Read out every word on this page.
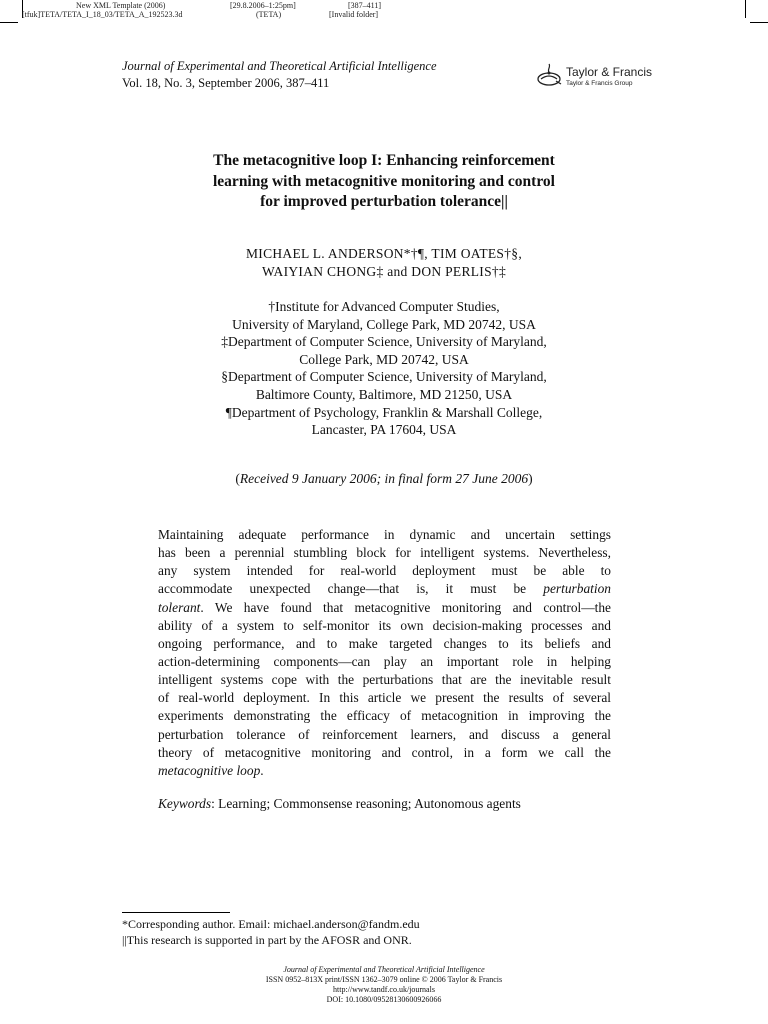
New XML Template (2006)
[tfuk]TETA/TETA_I_18_03/TETA_A_192523.3d
[29.8.2006–1:25pm]
(TETA)
[387–411]
[Invalid folder]
Journal of Experimental and Theoretical Artificial Intelligence
Vol. 18, No. 3, September 2006, 387–411
Taylor & Francis
Taylor & Francis Group
The metacognitive loop I: Enhancing reinforcement
learning with metacognitive monitoring and control
for improved perturbation tolerance||
MICHAEL L. ANDERSON*†¶, TIM OATES†§,
WAIYIAN CHONG‡ and DON PERLIS†‡
†Institute for Advanced Computer Studies,
University of Maryland, College Park, MD 20742, USA
‡Department of Computer Science, University of Maryland,
College Park, MD 20742, USA
§Department of Computer Science, University of Maryland,
Baltimore County, Baltimore, MD 21250, USA
¶Department of Psychology, Franklin & Marshall College,
Lancaster, PA 17604, USA
(Received 9 January 2006; in final form 27 June 2006)
Maintaining adequate performance in dynamic and uncertain settings
has been a perennial stumbling block for intelligent systems. Nevertheless,
any system intended for real-world deployment must be able to
accommodate unexpected change—that is, it must be perturbation
tolerant. We have found that metacognitive monitoring and control—the
ability of a system to self-monitor its own decision-making processes and
ongoing performance, and to make targeted changes to its beliefs and
action-determining components—can play an important role in helping
intelligent systems cope with the perturbations that are the inevitable result
of real-world deployment. In this article we present the results of several
experiments demonstrating the efficacy of metacognition in improving the
perturbation tolerance of reinforcement learners, and discuss a general
theory of metacognitive monitoring and control, in a form we call the
metacognitive loop.
Keywords: Learning; Commonsense reasoning; Autonomous agents
*Corresponding author. Email: michael.anderson@fandm.edu
||This research is supported in part by the AFOSR and ONR.
Journal of Experimental and Theoretical Artificial Intelligence
ISSN 0952–813X print/ISSN 1362–3079 online © 2006 Taylor & Francis
http://www.tandf.co.uk/journals
DOI: 10.1080/09528130600926066
